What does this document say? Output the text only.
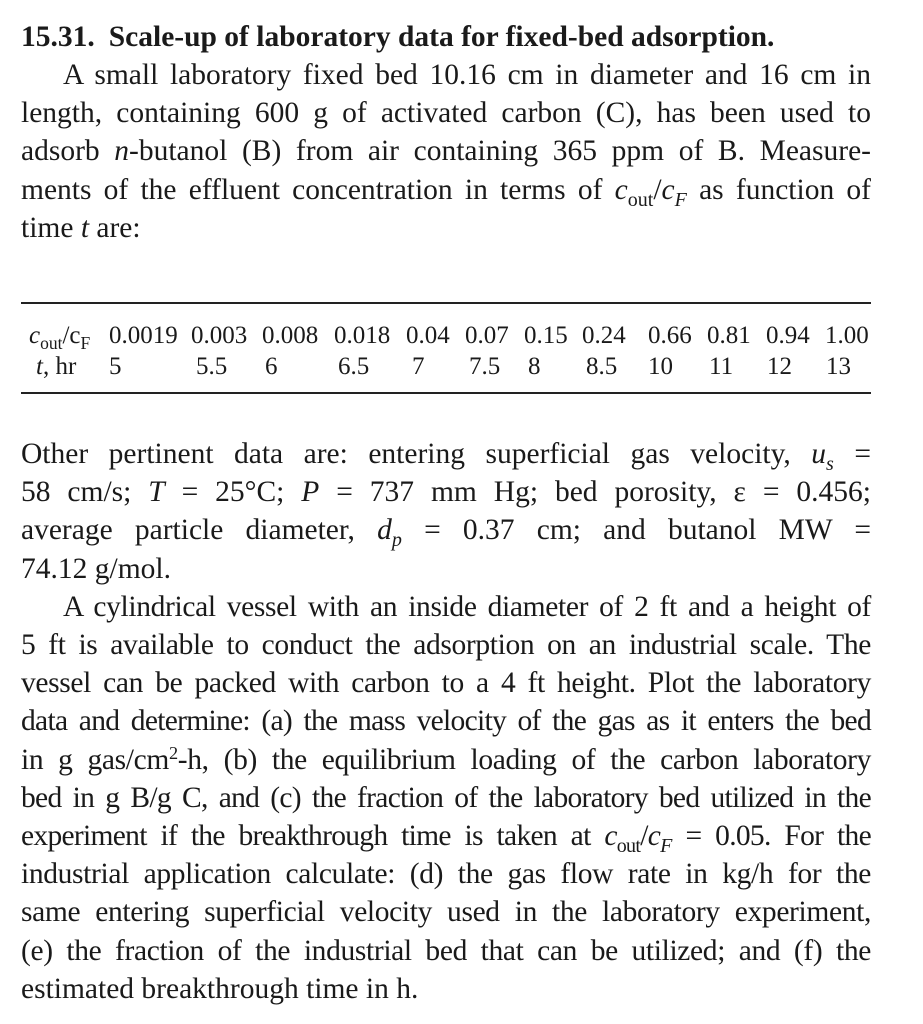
15.31. Scale-up of laboratory data for fixed-bed adsorption.

A small laboratory fixed bed 10.16 cm in diameter and 16 cm in
length, containing 600 g of activated carbon (C), has been used to
adsorb n-butanol (B) from air containing 365 ppm of B. Measure-
ments of the effluent concentration in terms of $c_{out}/c_F$ as function of
time t are:
$c_{out}/c_F$ 0.0019 0.003 0.008 0.018 0.04 0.07 0.15 0.24 0.66 0.81 0.94 1.00
t, hr 5	5.5 6 6.5 7 7.5 8 8.5 10 11 12 13
Other pertinent data are: entering superficial gas velocity, $u_s$ =
58 cm/s; T = 25°C; P = 737 mm Hg; bed porosity, ε = 0.456;
average particle diameter, $d_p = 0.37$ cm; and butanol MW =
74.12 g/mol.
A cylindrical vessel with an inside diameter of 2 ft and a height of
5 ft is available to conduct the adsorption on an industrial scale. The
vessel can be packed with carbon to a 4 ft height. Plot the laboratory
data and determine: (a) the mass velocity of the gas as it enters the bed
in g gas/$cm^2-h$, (b) the equilibrium loading of the carbon laboratory
bed in g B/g C, and (c) the fraction of the laboratory bed utilized in the
experiment if the breakthrough time is taken at $c_{out}/c_F = 0.05$. For the
industrial application calculate: (d) the gas flow rate in kg/h for the
same entering superficial velocity used in the laboratory experiment,
(e) the fraction of the industrial bed that can be utilized; and (f) the
estimated breakthrough time in h.
